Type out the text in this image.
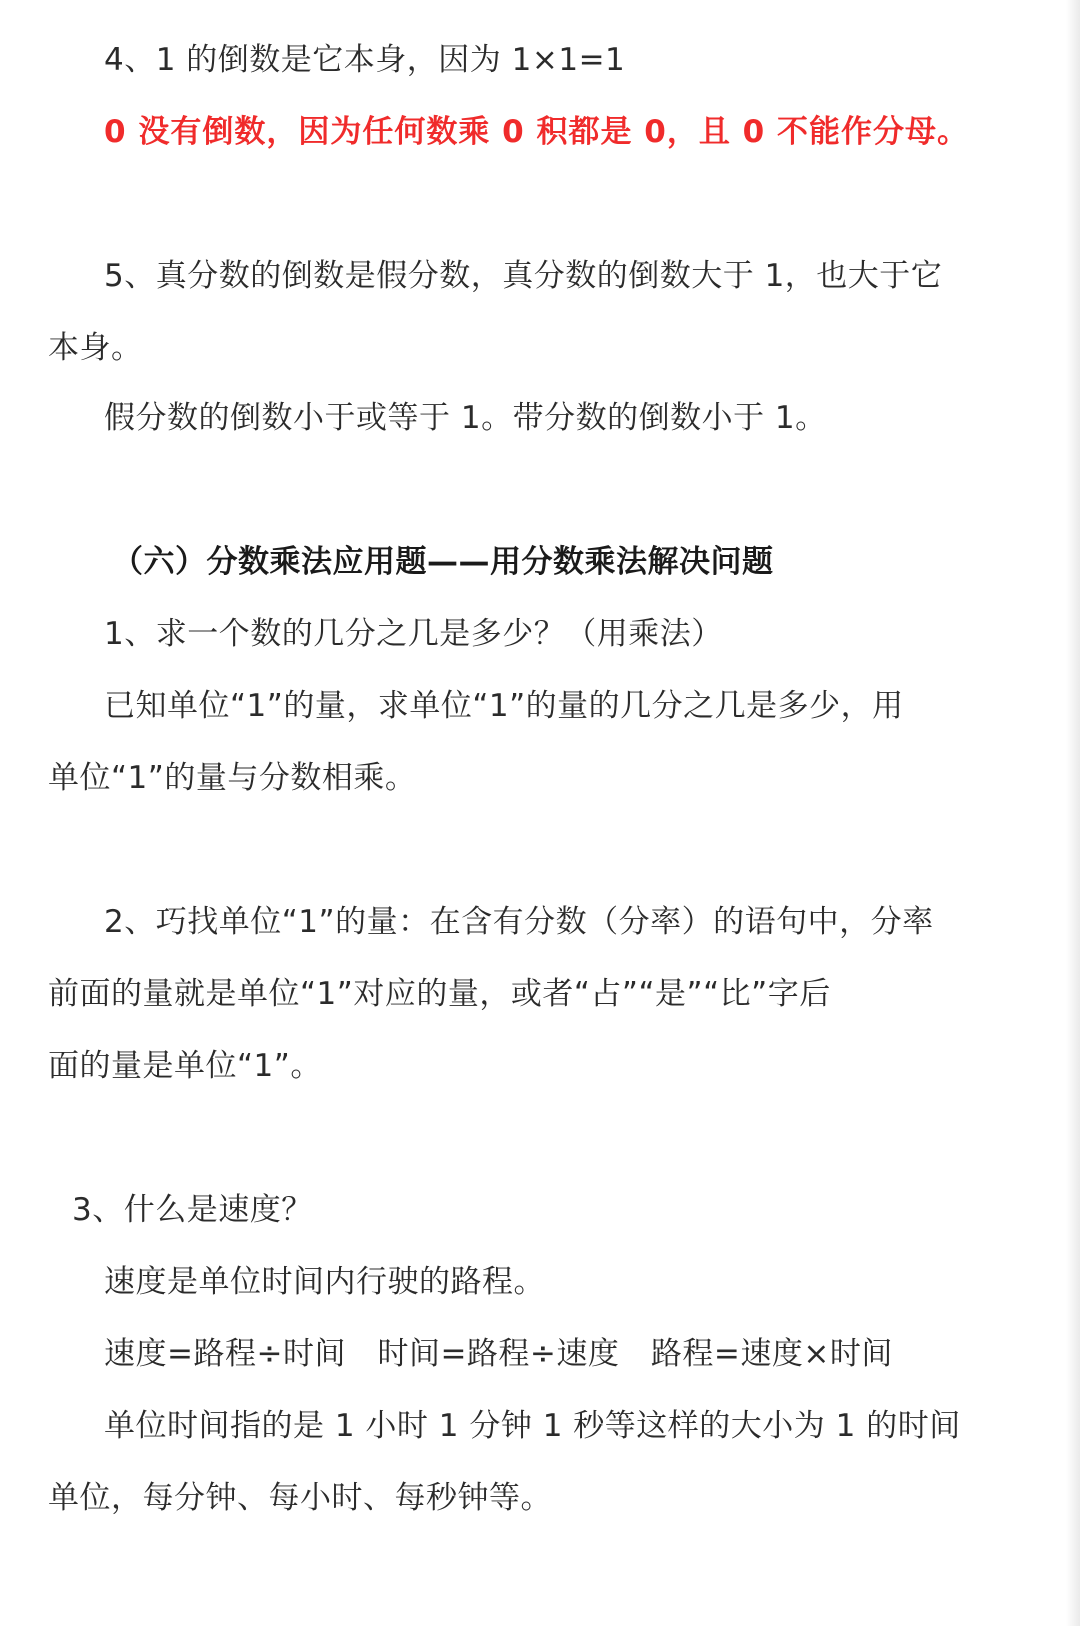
4、1 的倒数是它本身，因为 1×1=1
0 没有倒数，因为任何数乘 0 积都是 0，且 0 不能作分母。
5、真分数的倒数是假分数，真分数的倒数大于 1，也大于它
本身。
假分数的倒数小于或等于 1。带分数的倒数小于 1。
（六）分数乘法应用题——用分数乘法解决问题
1、求一个数的几分之几是多少？（用乘法）
已知单位“1”的量，求单位“1”的量的几分之几是多少，用
单位“1”的量与分数相乘。
2、巧找单位“1”的量：在含有分数（分率）的语句中，分率
前面的量就是单位“1”对应的量，或者“占”“是”“比”字后
面的量是单位“1”。
3、什么是速度？
速度是单位时间内行驶的路程。
速度=路程÷时间　时间=路程÷速度　路程=速度×时间
单位时间指的是 1 小时 1 分钟 1 秒等这样的大小为 1 的时间
单位，每分钟、每小时、每秒钟等。
